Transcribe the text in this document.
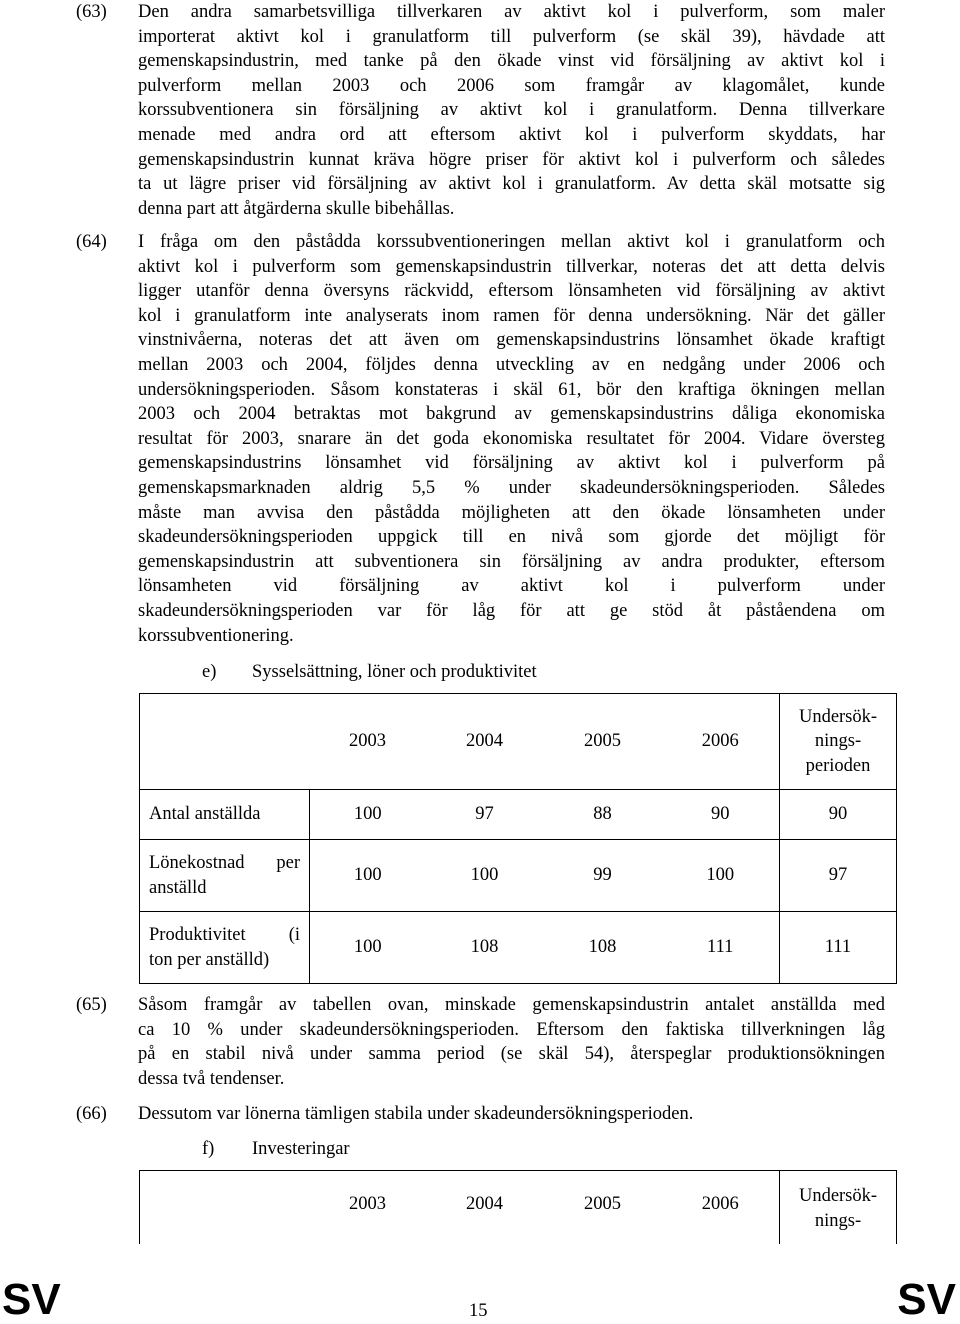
(63) Den andra samarbetsvilliga tillverkaren av aktivt kol i pulverform, som maler
importerat aktivt kol i granulatform till pulverform (se skäl 39), hävdade att
gemenskapsindustrin, med tanke på den ökade vinst vid försäljning av aktivt kol i
pulverform mellan 2003 och 2006 som framgår av klagomålet, kunde
korssubventionera sin försäljning av aktivt kol i granulatform. Denna tillverkare
menade med andra ord att eftersom aktivt kol i pulverform skyddats, har
gemenskapsindustrin kunnat kräva högre priser för aktivt kol i pulverform och således
ta ut lägre priser vid försäljning av aktivt kol i granulatform. Av detta skäl motsatte sig
denna part att åtgärderna skulle bibehållas.
(64) I fråga om den påstådda korssubventioneringen mellan aktivt kol i granulatform och
aktivt kol i pulverform som gemenskapsindustrin tillverkar, noteras det att detta delvis
ligger utanför denna översyns räckvidd, eftersom lönsamheten vid försäljning av aktivt
kol i granulatform inte analyserats inom ramen för denna undersökning. När det gäller
vinstnivåerna, noteras det att även om gemenskapsindustrins lönsamhet ökade kraftigt
mellan 2003 och 2004, följdes denna utveckling av en nedgång under 2006 och
undersökningsperioden. Såsom konstateras i skäl 61, bör den kraftiga ökningen mellan
2003 och 2004 betraktas mot bakgrund av gemenskapsindustrins dåliga ekonomiska
resultat för 2003, snarare än det goda ekonomiska resultatet för 2004. Vidare översteg
gemenskapsindustrins lönsamhet vid försäljning av aktivt kol i pulverform på
gemenskapsmarknaden aldrig 5,5 % under skadeundersökningsperioden. Således
måste man avvisa den påstådda möjligheten att den ökade lönsamheten under
skadeundersökningsperioden uppgick till en nivå som gjorde det möjligt för
gemenskapsindustrin att subventionera sin försäljning av andra produkter, eftersom
lönsamheten vid försäljning av aktivt kol i pulverform under
skadeundersökningsperioden var för låg för att ge stöd åt påståendena om
korssubventionering.
e) Sysselsättning, löner och produktivitet
	2003	2004	2005	2006	Undersök-
nings-
perioden

Antal anställda	100	97	88	90	90

Lönekostnad per
anställd	100	100	99	100	97

Produktivitet (i
ton per anställd)	100	108	108	111	111
(65) Såsom framgår av tabellen ovan, minskade gemenskapsindustrin antalet anställda med
ca 10 % under skadeundersökningsperioden. Eftersom den faktiska tillverkningen låg
på en stabil nivå under samma period (se skäl 54), återspeglar produktionsökningen
dessa två tendenser.
(66) Dessutom var lönerna tämligen stabila under skadeundersökningsperioden.
f) Investeringar
	2003	2004	2005	2006	Undersök-
nings-
SV	15	SV
